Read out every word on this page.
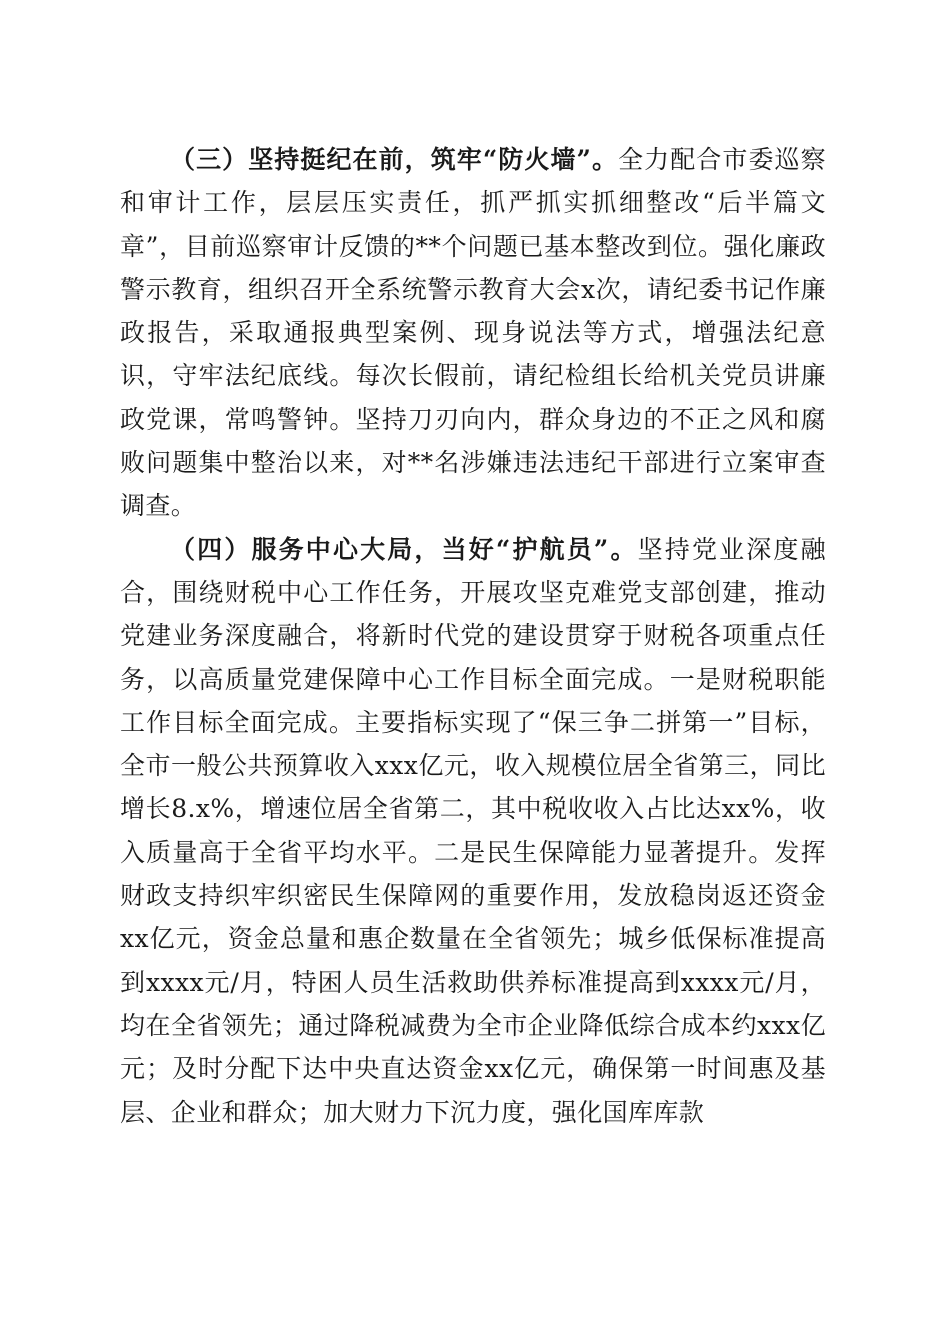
（三）坚持挺纪在前，筑牢“防火墙”。全力配合市委巡察和审计工作，层层压实责任，抓严抓实抓细整改“后半篇文章”，目前巡察审计反馈的**个问题已基本整改到位。强化廉政警示教育，组织召开全系统警示教育大会x次，请纪委书记作廉政报告，采取通报典型案例、现身说法等方式，增强法纪意识，守牢法纪底线。每次长假前，请纪检组长给机关党员讲廉政党课，常鸣警钟。坚持刀刃向内，群众身边的不正之风和腐败问题集中整治以来，对**名涉嫌违法违纪干部进行立案审查调查。

（四）服务中心大局，当好“护航员”。坚持党业深度融合，围绕财税中心工作任务，开展攻坚克难党支部创建，推动党建业务深度融合，将新时代党的建设贯穿于财税各项重点任务，以高质量党建保障中心工作目标全面完成。一是财税职能工作目标全面完成。主要指标实现了“保三争二拼第一”目标，全市一般公共预算收入xxx亿元，收入规模位居全省第三，同比增长8.x%，增速位居全省第二，其中税收收入占比达xx%，收入质量高于全省平均水平。二是民生保障能力显著提升。发挥财政支持织牢织密民生保障网的重要作用，发放稳岗返还资金xx亿元，资金总量和惠企数量在全省领先；城乡低保标准提高到xxxx元/月，特困人员生活救助供养标准提高到xxxx元/月，均在全省领先；通过降税减费为全市企业降低综合成本约xxx亿元；及时分配下达中央直达资金xx亿元，确保第一时间惠及基层、企业和群众；加大财力下沉力度，强化国库库款
